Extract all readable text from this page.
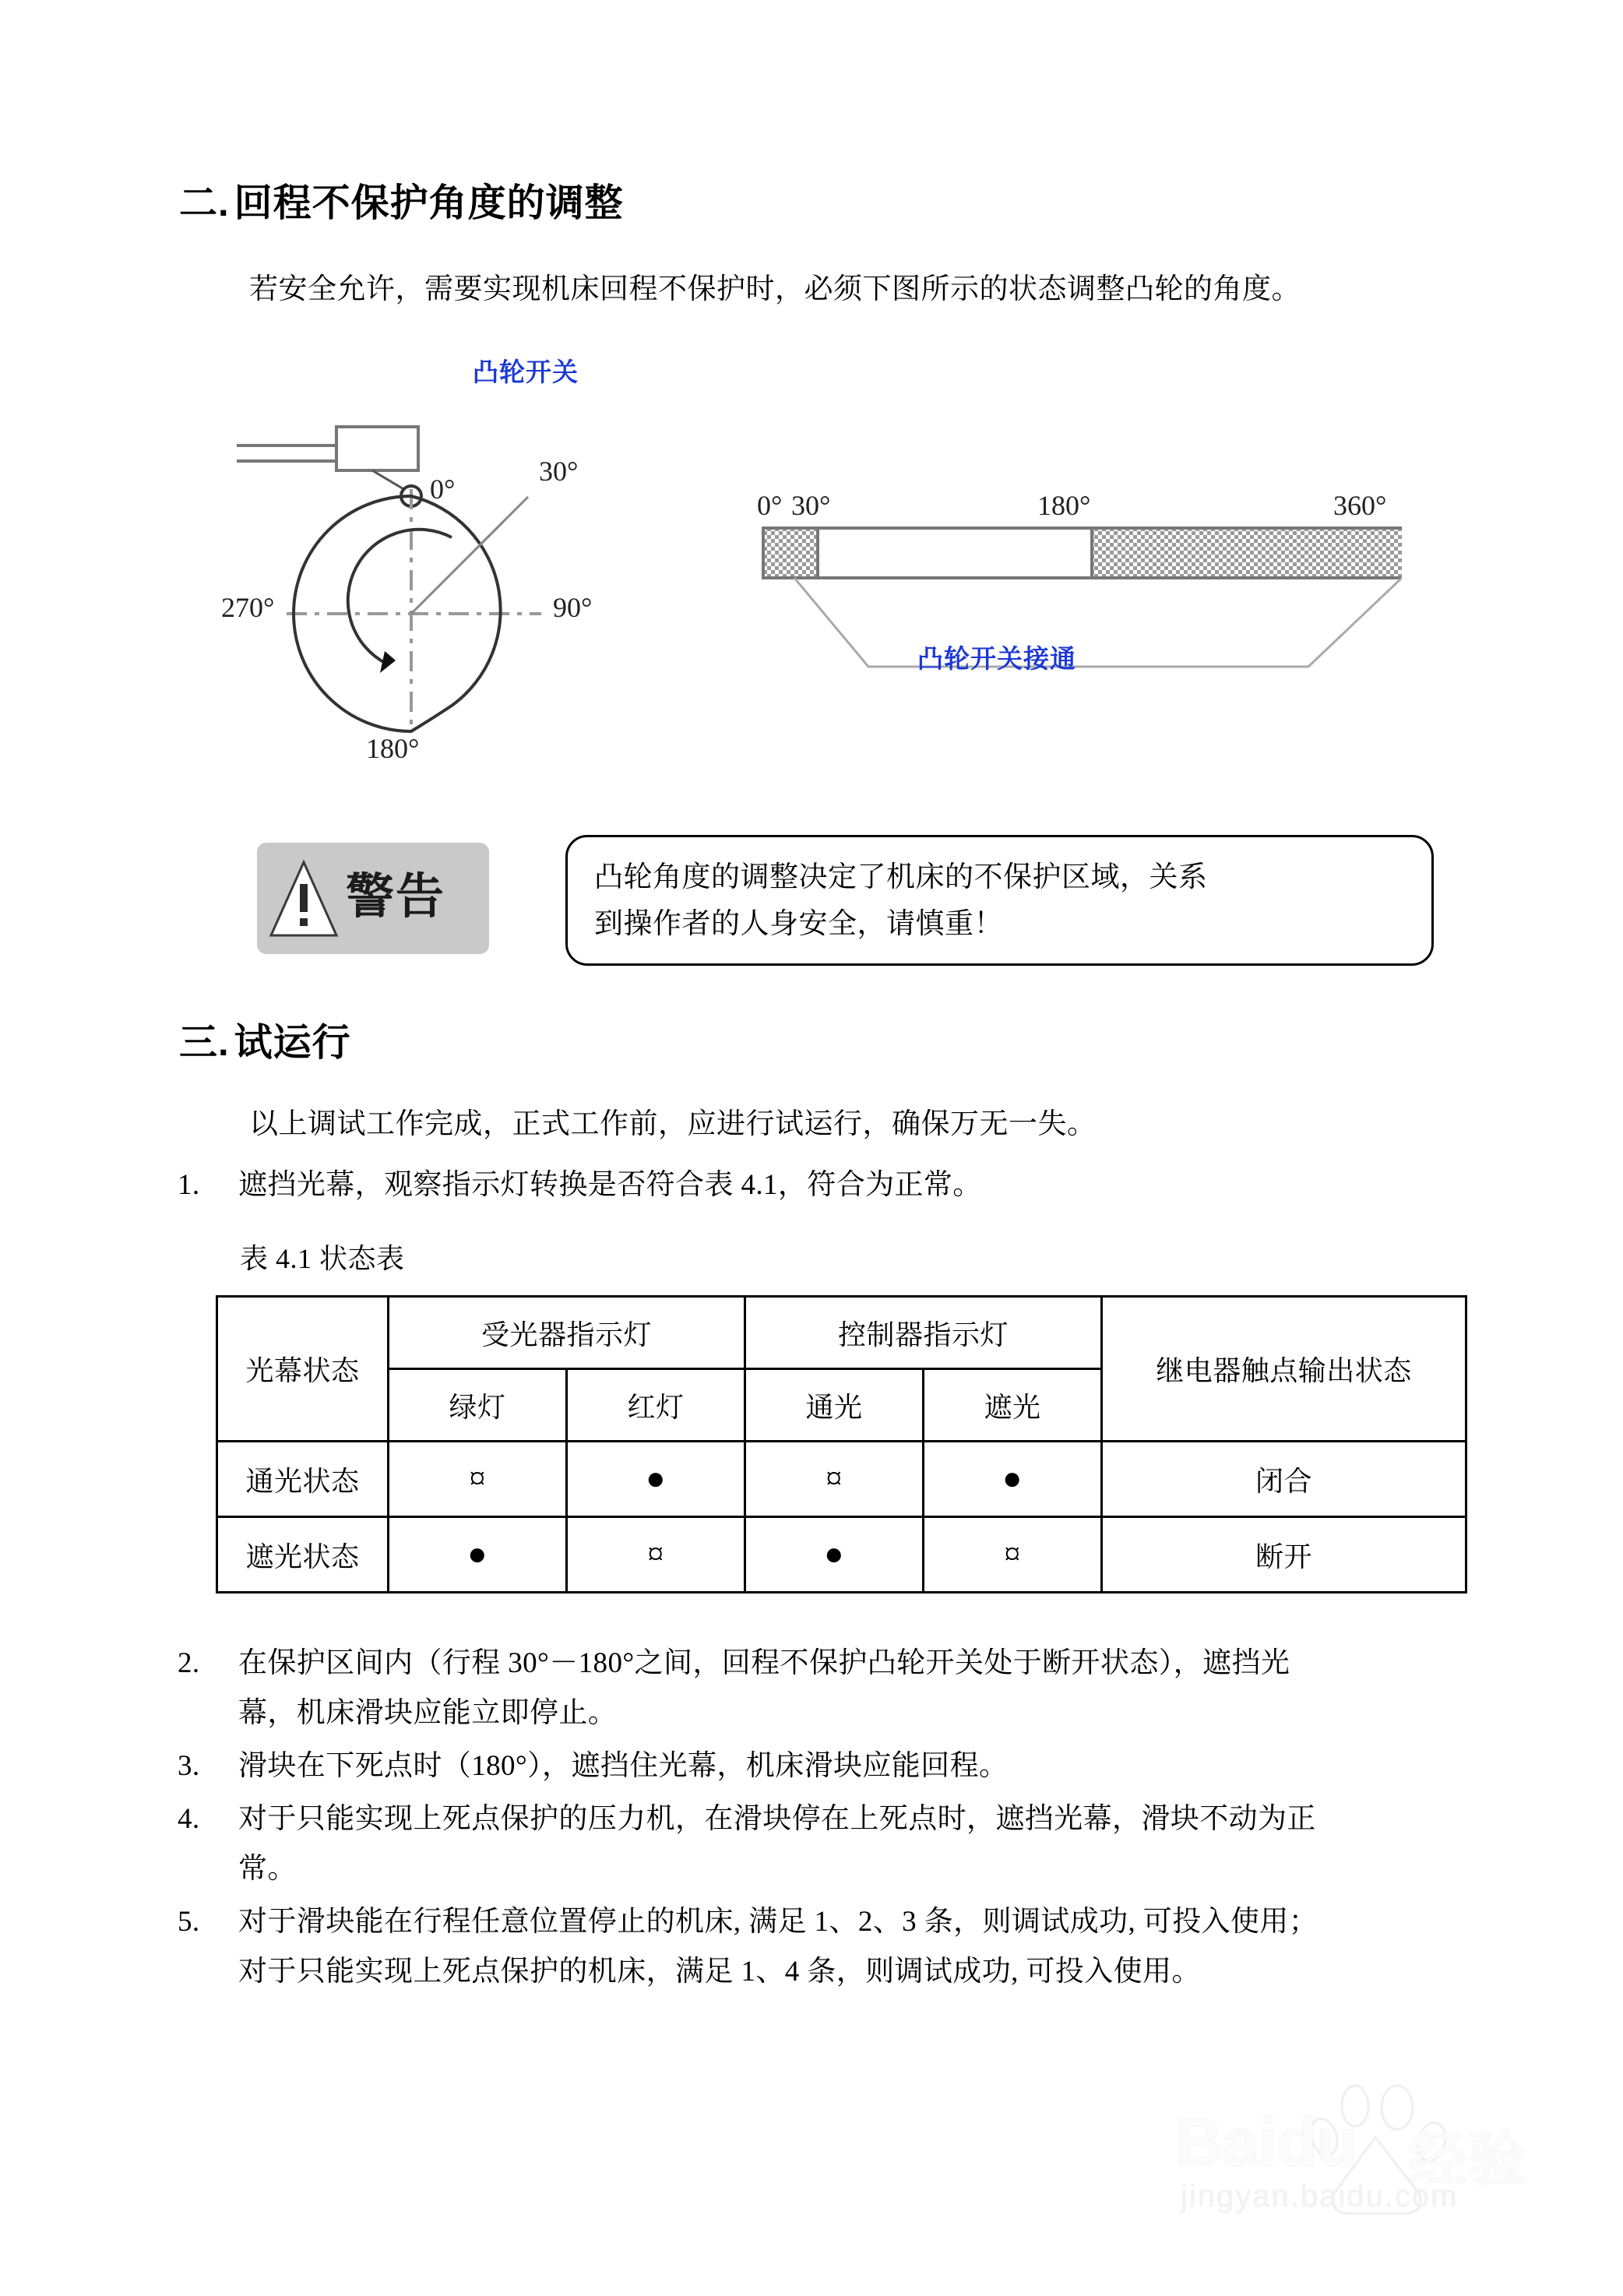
二. 回程不保护角度的调整
若安全允许，需要实现机床回程不保护时，必须下图所示的状态调整凸轮的角度。
凸轮开关
0°
30°
90°
180°
270°
0° 30°	180°	360°
凸轮开关接通
警告	凸轮角度的调整决定了机床的不保护区域，关系
到操作者的人身安全，请慎重！
三. 试运行
以上调试工作完成，正式工作前，应进行试运行，确保万无一失。
1.	遮挡光幕，观察指示灯转换是否符合表 4.1，符合为正常。
表 4.1 状态表
光幕状态	受光器指示灯		控制器指示灯		继电器触点输出状态
	绿灯	红灯	通光	遮光	
通光状态	¤	●	¤	●	闭合
遮光状态	●	¤	●	¤	断开
2.	在保护区间内（行程 30°－180°之间，回程不保护凸轮开关处于断开状态），遮挡光
幕，机床滑块应能立即停止。
3.	滑块在下死点时（180°），遮挡住光幕，机床滑块应能回程。
4.	对于只能实现上死点保护的压力机，在滑块停在上死点时，遮挡光幕，滑块不动为正
常。
5.	对于滑块能在行程任意位置停止的机床, 满足 1、2、3 条，则调试成功, 可投入使用；
对于只能实现上死点保护的机床，满足 1、4 条，则调试成功, 可投入使用。
Baidu 经验
jingyan.baidu.com
